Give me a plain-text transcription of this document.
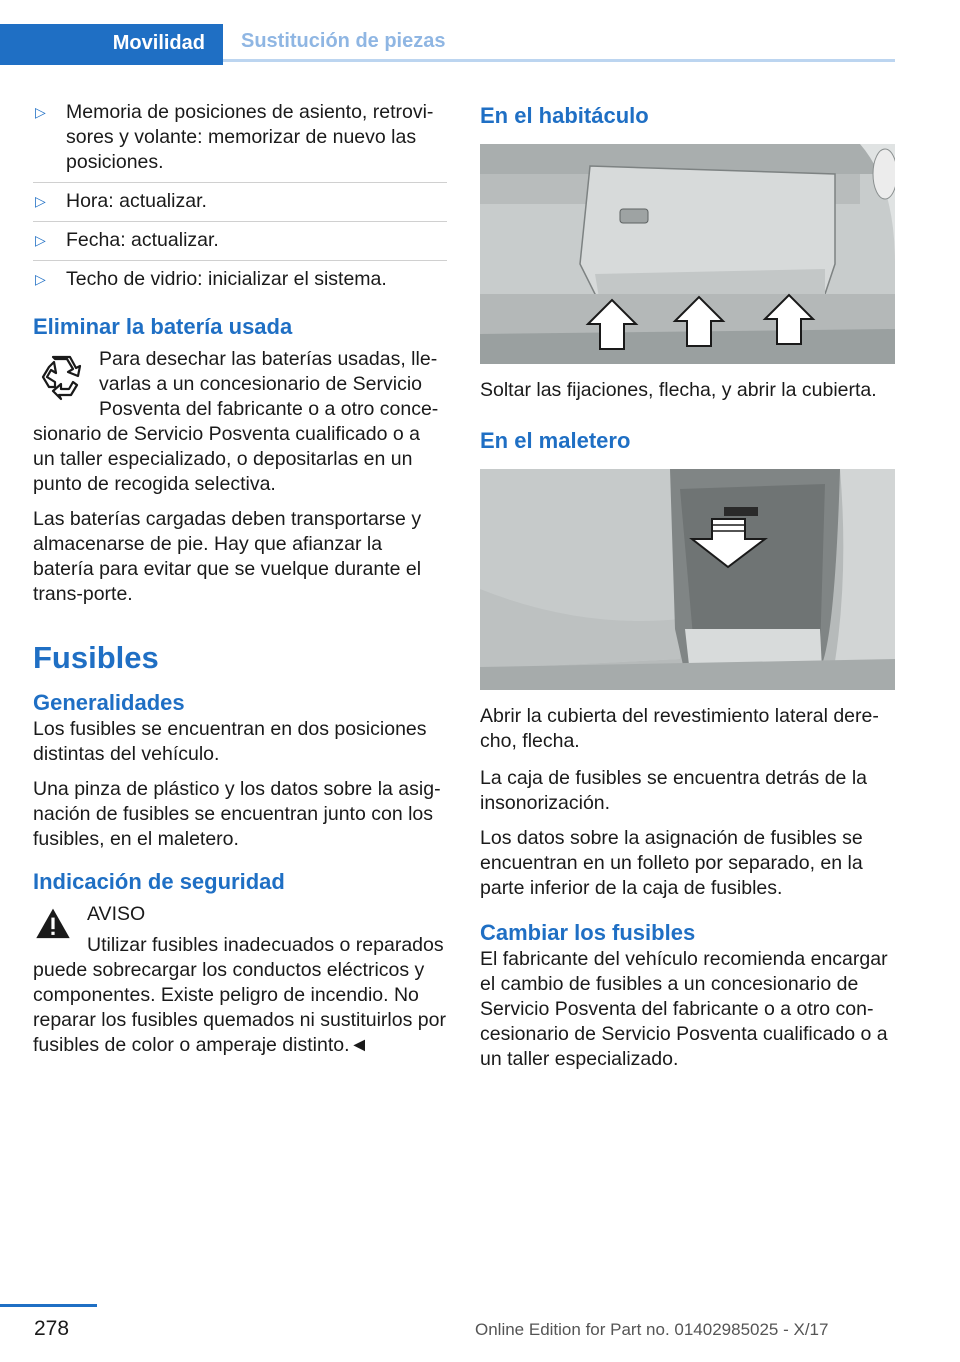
Movilidad	Sustitución de piezas
▷ Memoria de posiciones de asiento, retrovi-sores y volante: memorizar de nuevo las posiciones.
▷ Hora: actualizar.
▷ Fecha: actualizar.
▷ Techo de vidrio: inicializar el sistema.
Eliminar la batería usada

Para desechar las baterías usadas, lle-varlas a un concesionario de Servicio Posventa del fabricante o a otro conce-sionario de Servicio Posventa cualificado o a un taller especializado, o depositarlas en un punto de recogida selectiva.

Las baterías cargadas deben transportarse y almacenarse de pie. Hay que afianzar la batería para evitar que se vuelque durante el trans-porte.

Fusibles
Generalidades

Los fusibles se encuentran en dos posiciones distintas del vehículo.

Una pinza de plástico y los datos sobre la asig-nación de fusibles se encuentran junto con los fusibles, en el maletero.

Indicación de seguridad

AVISO

Utilizar fusibles inadecuados o reparados puede sobrecargar los conductos eléctricos y componentes. Existe peligro de incendio. No reparar los fusibles quemados ni sustituirlos por fusibles de color o amperaje distinto.◄

En el habitáculo

Soltar las fijaciones, flecha, y abrir la cubierta.

En el maletero

Abrir la cubierta del revestimiento lateral dere-cho, flecha.

La caja de fusibles se encuentra detrás de la insonorización.

Los datos sobre la asignación de fusibles se encuentran en un folleto por separado, en la parte inferior de la caja de fusibles.

Cambiar los fusibles

El fabricante del vehículo recomienda encargar el cambio de fusibles a un concesionario de Servicio Posventa del fabricante o a otro con-cesionario de Servicio Posventa cualificado o a un taller especializado.

278	Online Edition for Part no. 01402985025 - X/17
